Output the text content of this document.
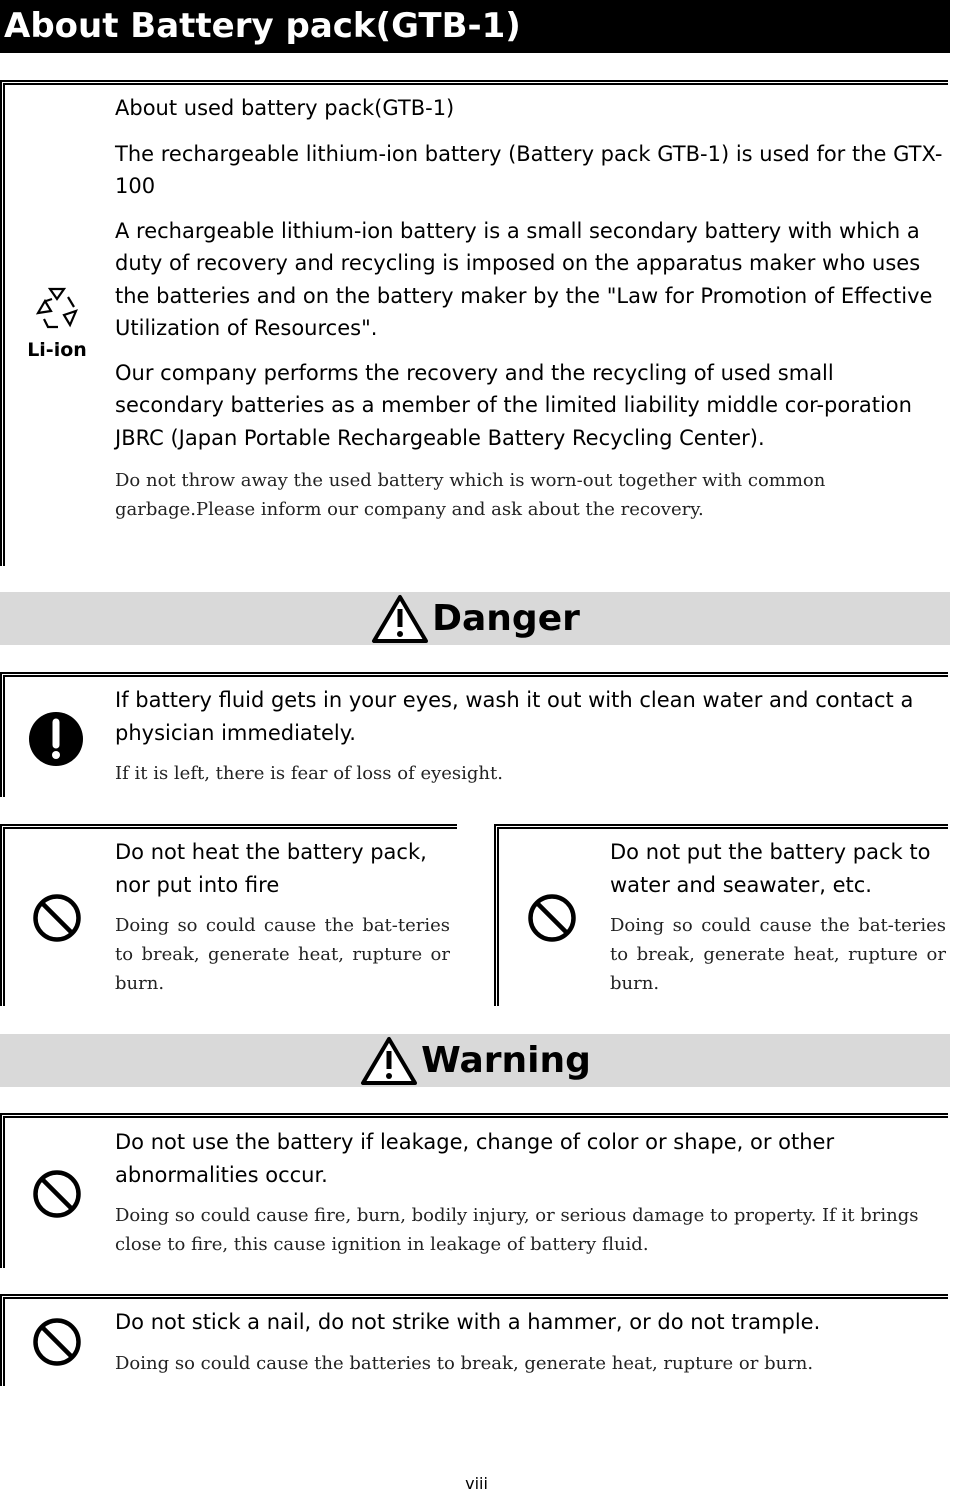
About Battery pack(GTB-1)
Li-ion

About used battery pack(GTB-1)

The rechargeable lithium-ion battery (Battery pack GTB-1) is used for the GTX-100

A rechargeable lithium-ion battery is a small secondary battery with which a duty of recovery and recycling is imposed on the apparatus maker who uses the batteries and on the battery maker by the "Law for Promotion of Effective Utilization of Resources".

Our company performs the recovery and the recycling of used small secondary batteries as a member of the limited liability middle cor-poration JBRC (Japan Portable Rechargeable Battery Recycling Center).

Do not throw away the used battery which is worn-out together with common garbage.Please inform our company and ask about the recovery.

Danger

If battery fluid gets in your eyes, wash it out with clean water and contact a physician immediately.

If it is left, there is fear of loss of eyesight.

Do not heat the battery pack, nor put into fire

Doing so could cause the bat-teries to break, generate heat, rupture or burn.

Do not put the battery pack to water and seawater, etc.

Doing so could cause the bat-teries to break, generate heat, rupture or burn.

Warning

Do not use the battery if leakage, change of color or shape, or other abnormalities occur.

Doing so could cause fire, burn, bodily injury, or serious damage to property. If it brings close to fire, this cause ignition in leakage of battery fluid.

Do not stick a nail, do not strike with a hammer, or do not trample.

Doing so could cause the batteries to break, generate heat, rupture or burn.

viii
